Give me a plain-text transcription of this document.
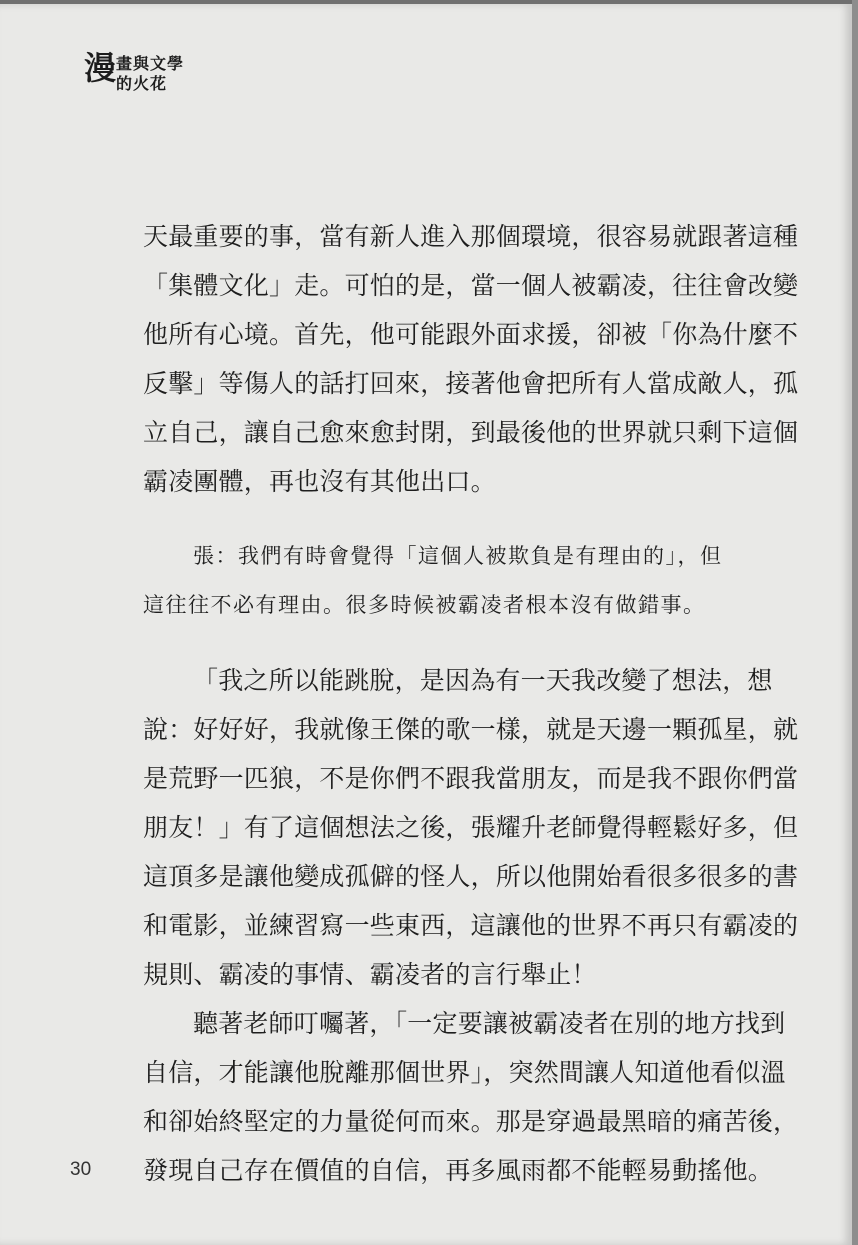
漫 畫與文學
的火花
天最重要的事，當有新人進入那個環境，很容易就跟著這種
「集體文化」走。可怕的是，當一個人被霸凌，往往會改變
他所有心境。首先，他可能跟外面求援，卻被「你為什麼不
反擊」等傷人的話打回來，接著他會把所有人當成敵人，孤
立自己，讓自己愈來愈封閉，到最後他的世界就只剩下這個
霸凌團體，再也沒有其他出口。
張：我們有時會覺得「這個人被欺負是有理由的」，但
這往往不必有理由。很多時候被霸凌者根本沒有做錯事。
「我之所以能跳脫，是因為有一天我改變了想法，想
說：好好好，我就像王傑的歌一樣，就是天邊一顆孤星，就
是荒野一匹狼，不是你們不跟我當朋友，而是我不跟你們當
朋友！」有了這個想法之後，張耀升老師覺得輕鬆好多，但
這頂多是讓他變成孤僻的怪人，所以他開始看很多很多的書
和電影，並練習寫一些東西，這讓他的世界不再只有霸凌的
規則、霸凌的事情、霸凌者的言行舉止！
聽著老師叮囑著，「一定要讓被霸凌者在別的地方找到
自信，才能讓他脫離那個世界」，突然間讓人知道他看似溫
和卻始終堅定的力量從何而來。那是穿過最黑暗的痛苦後，
發現自己存在價值的自信，再多風雨都不能輕易動搖他。
30
